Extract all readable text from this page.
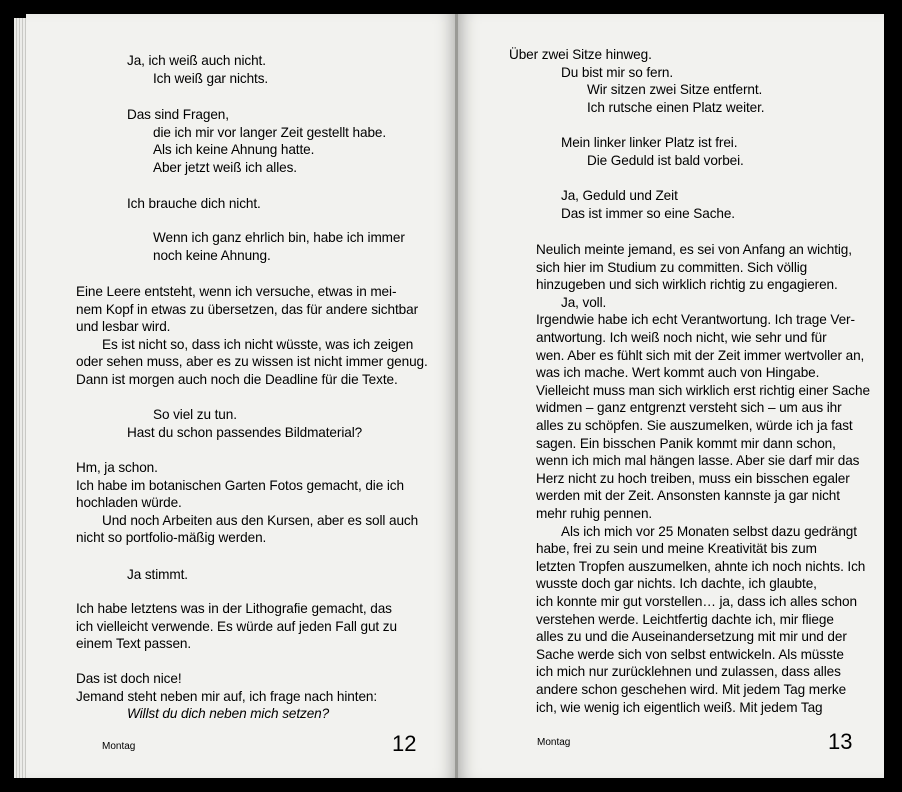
Ja, ich weiß auch nicht.
Ich weiß gar nichts.
Das sind Fragen,
die ich mir vor langer Zeit gestellt habe.
Als ich keine Ahnung hatte.
Aber jetzt weiß ich alles.
Ich brauche dich nicht.
Wenn ich ganz ehrlich bin, habe ich immer
noch keine Ahnung.
Eine Leere entsteht, wenn ich versuche, etwas in mei-
nem Kopf in etwas zu übersetzen, das für andere sichtbar
und lesbar wird.
Es ist nicht so, dass ich nicht wüsste, was ich zeigen
oder sehen muss, aber es zu wissen ist nicht immer genug.
Dann ist morgen auch noch die Deadline für die Texte.
So viel zu tun.
Hast du schon passendes Bildmaterial?
Hm, ja schon.
Ich habe im botanischen Garten Fotos gemacht, die ich
hochladen würde.
Und noch Arbeiten aus den Kursen, aber es soll auch
nicht so portfolio-mäßig werden.
Ja stimmt.
Ich habe letztens was in der Lithografie gemacht, das
ich vielleicht verwende. Es würde auf jeden Fall gut zu
einem Text passen.
Das ist doch nice!
Jemand steht neben mir auf, ich frage nach hinten:
Willst du dich neben mich setzen?
Über zwei Sitze hinweg.
Du bist mir so fern.
Wir sitzen zwei Sitze entfernt.
Ich rutsche einen Platz weiter.
Mein linker linker Platz ist frei.
Die Geduld ist bald vorbei.
Ja, Geduld und Zeit
Das ist immer so eine Sache.
Neulich meinte jemand, es sei von Anfang an wichtig,
sich hier im Studium zu committen. Sich völlig
hinzugeben und sich wirklich richtig zu engagieren.
Ja, voll.
Irgendwie habe ich echt Verantwortung. Ich trage Ver-
antwortung. Ich weiß noch nicht, wie sehr und für
wen. Aber es fühlt sich mit der Zeit immer wertvoller an,
was ich mache. Wert kommt auch von Hingabe.
Vielleicht muss man sich wirklich erst richtig einer Sache
widmen – ganz entgrenzt versteht sich – um aus ihr
alles zu schöpfen. Sie auszumelken, würde ich ja fast
sagen. Ein bisschen Panik kommt mir dann schon,
wenn ich mich mal hängen lasse. Aber sie darf mir das
Herz nicht zu hoch treiben, muss ein bisschen egaler
werden mit der Zeit. Ansonsten kannste ja gar nicht
mehr ruhig pennen.
Als ich mich vor 25 Monaten selbst dazu gedrängt
habe, frei zu sein und meine Kreativität bis zum
letzten Tropfen auszumelken, ahnte ich noch nichts. Ich
wusste doch gar nichts. Ich dachte, ich glaubte,
ich konnte mir gut vorstellen… ja, dass ich alles schon
verstehen werde. Leichtfertig dachte ich, mir fliege
alles zu und die Auseinandersetzung mit mir und der
Sache werde sich von selbst entwickeln. Als müsste
ich mich nur zurücklehnen und zulassen, dass alles
andere schon geschehen wird. Mit jedem Tag merke
ich, wie wenig ich eigentlich weiß. Mit jedem Tag
Montag	12	Montag	13
